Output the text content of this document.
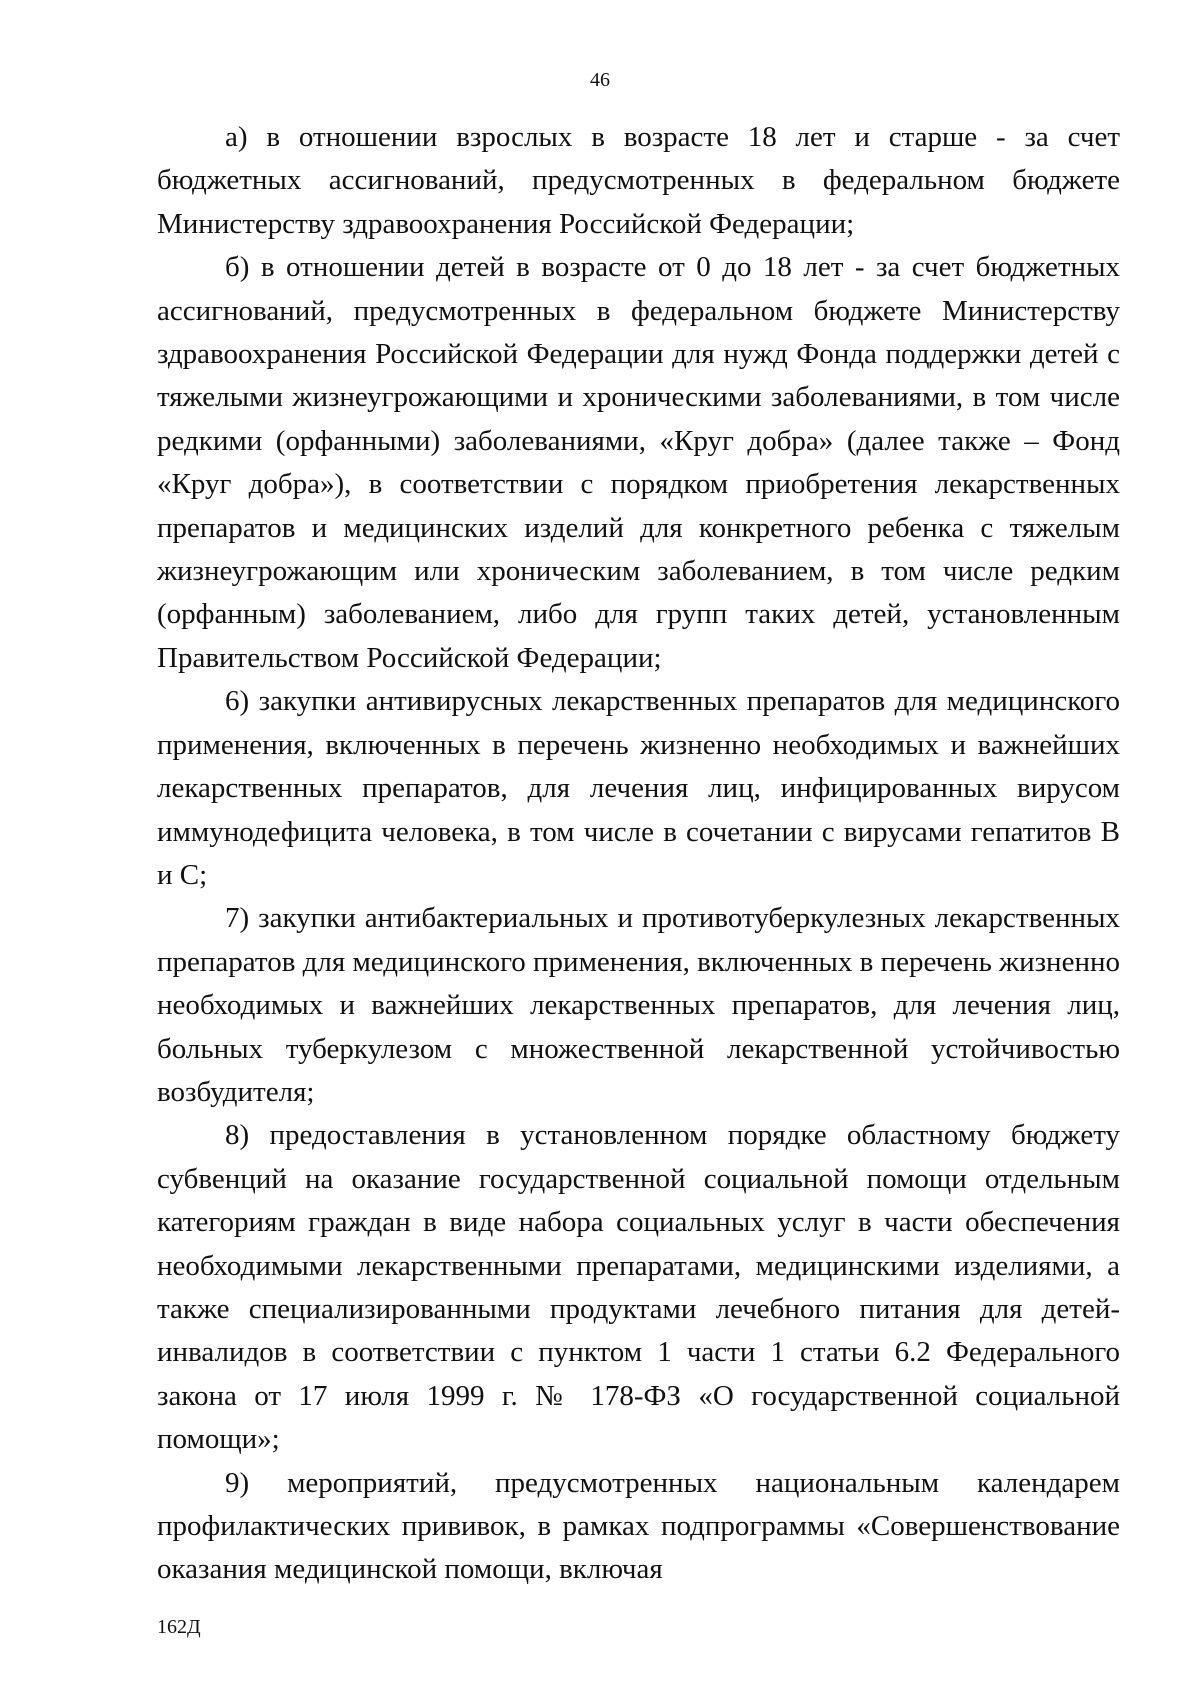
46

а) в отношении взрослых в возрасте 18 лет и старше - за счет бюджетных ассигнований, предусмотренных в федеральном бюджете Министерству здравоохранения Российской Федерации;

б) в отношении детей в возрасте от 0 до 18 лет - за счет бюджетных ассигнований, предусмотренных в федеральном бюджете Министерству здравоохранения Российской Федерации для нужд Фонда поддержки детей с тяжелыми жизнеугрожающими и хроническими заболеваниями, в том числе редкими (орфанными) заболеваниями, «Круг добра» (далее также – Фонд «Круг добра»), в соответствии с порядком приобретения лекарственных препаратов и медицинских изделий для конкретного ребенка с тяжелым жизнеугрожающим или хроническим заболеванием, в том числе редким (орфанным) заболеванием, либо для групп таких детей, установленным Правительством Российской Федерации;

6) закупки антивирусных лекарственных препаратов для медицинского применения, включенных в перечень жизненно необходимых и важнейших лекарственных препаратов, для лечения лиц, инфицированных вирусом иммунодефицита человека, в том числе в сочетании с вирусами гепатитов B и C;

7) закупки антибактериальных и противотуберкулезных лекарственных препаратов для медицинского применения, включенных в перечень жизненно необходимых и важнейших лекарственных препаратов, для лечения лиц, больных туберкулезом с множественной лекарственной устойчивостью возбудителя;

8) предоставления в установленном порядке областному бюджету субвенций на оказание государственной социальной помощи отдельным категориям граждан в виде набора социальных услуг в части обеспечения необходимыми лекарственными препаратами, медицинскими изделиями, а также специализированными продуктами лечебного питания для детей-инвалидов в соответствии с пунктом 1 части 1 статьи 6.2 Федерального закона от 17 июля 1999 г. № 178-ФЗ «О государственной социальной помощи»;

9) мероприятий, предусмотренных национальным календарем профилактических прививок, в рамках подпрограммы «Совершенствование оказания медицинской помощи, включая

162Д
